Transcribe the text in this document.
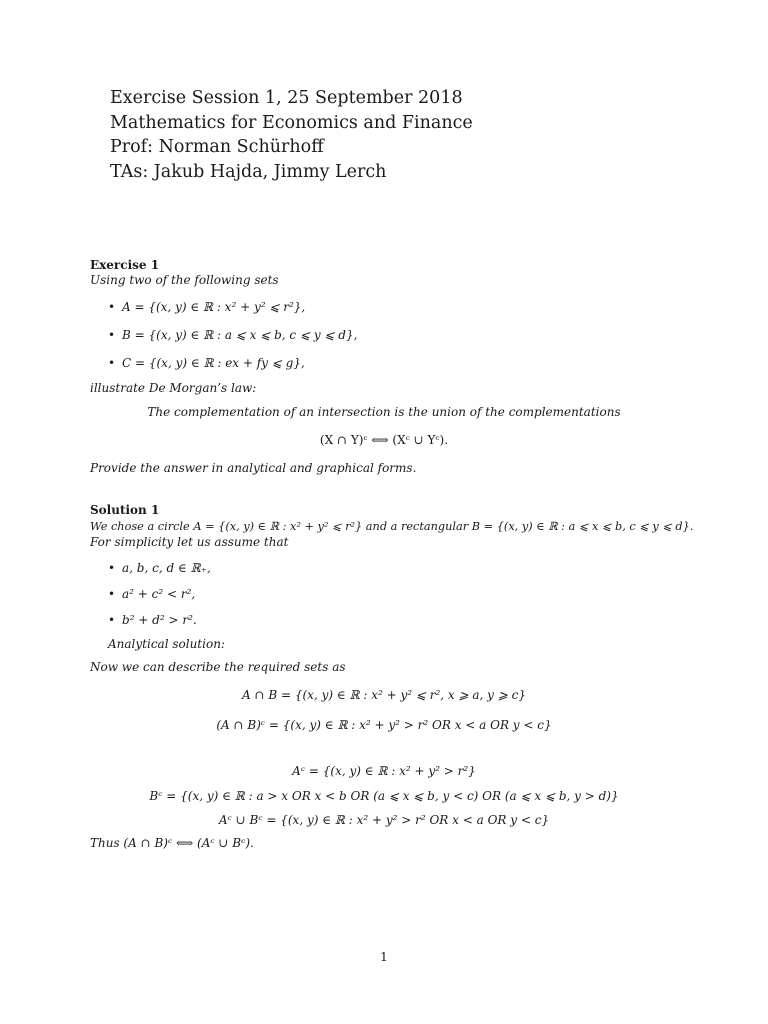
Exercise Session 1, 25 September 2018
Mathematics for Economics and Finance
Prof: Norman Schürhoff
TAs: Jakub Hajda, Jimmy Lerch
Exercise 1
Using two of the following sets
• A = {(x, y) ∈ ℝ : x² + y² ⩽ r²},
• B = {(x, y) ∈ ℝ : a ⩽ x ⩽ b, c ⩽ y ⩽ d},
• C = {(x, y) ∈ ℝ : ex + fy ⩽ g},
illustrate De Morgan’s law:
The complementation of an intersection is the union of the complementations
(X ∩ Y)ᶜ ⟺ (Xᶜ ∪ Yᶜ).
Provide the answer in analytical and graphical forms.
Solution 1
We chose a circle A = {(x, y) ∈ ℝ : x² + y² ⩽ r²} and a rectangular B = {(x, y) ∈ ℝ : a ⩽ x ⩽ b, c ⩽ y ⩽ d}.
For simplicity let us assume that
• a, b, c, d ∈ ℝ₊,
• a² + c² < r²,
• b² + d² > r².
Analytical solution:
Now we can describe the required sets as
A ∩ B = {(x, y) ∈ ℝ : x² + y² ⩽ r², x ⩾ a, y ⩾ c}
(A ∩ B)ᶜ = {(x, y) ∈ ℝ : x² + y² > r² OR x < a OR y < c}
Aᶜ = {(x, y) ∈ ℝ : x² + y² > r²}
Bᶜ = {(x, y) ∈ ℝ : a > x OR x < b OR (a ⩽ x ⩽ b, y < c) OR (a ⩽ x ⩽ b, y > d)}
Aᶜ ∪ Bᶜ = {(x, y) ∈ ℝ : x² + y² > r² OR x < a OR y < c}
Thus (A ∩ B)ᶜ ⟺ (Aᶜ ∪ Bᶜ).
1
